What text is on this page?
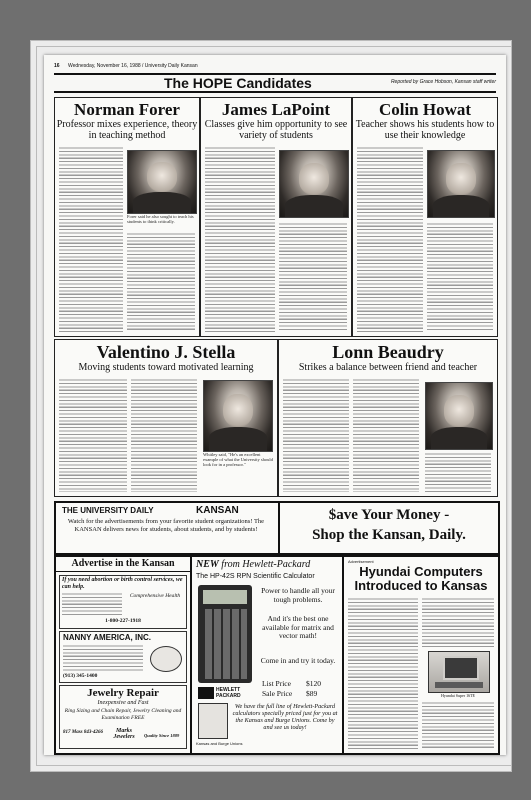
16 Wednesday, November 16, 1988 / University Daily Kansan
The HOPE Candidates	Reported by Grace Hobson, Kansan staff writer
Norman Forer
Professor mixes experience, theory in teaching method
Forer said he also sought to teach his students to think critically.
James LaPoint
Classes give him opportunity to see variety of students
Colin Howat
Teacher shows his students how to use their knowledge
Valentino J. Stella
Moving students toward motivated learning
Whitley said, "He's an excellent example of what the University should look for in a professor."
Lonn Beaudry
Strikes a balance between friend and teacher
THE UNIVERSITY DAILY	KANSAN
Watch for the advertisements from your favorite student organizations! The KANSAN delivers news for students, about students, and by students!
$ave Your Money -
Shop the Kansan, Daily.
Advertise in the Kansan
If you need abortion or birth control services, we can help.
Comprehensive Health
1-800-227-1918
NANNY AMERICA, INC.
(913) 345-1400
Jewelry Repair
Inexpensive and Fast
Ring Sizing and Chain Repair, Jewelry Cleaning and Examination FREE
Marks Jewelers
817 Mass 843-4266
Quality Since 1889
NEW from Hewlett-Packard
The HP-42S RPN Scientific Calculator
Power to handle all your tough problems.
And it's the best one available for matrix and vector math!
Come in and try it today.
List Price $120
Sale Price $89
HEWLETT PACKARD
We have the full line of Hewlett-Packard calculators specially priced just for you at the Kansas and Burge Unions. Come by and see us today!
Kansas and Burge Unions
Advertisement
Hyundai Computers Introduced to Kansas
Hyundai Super 16TE
